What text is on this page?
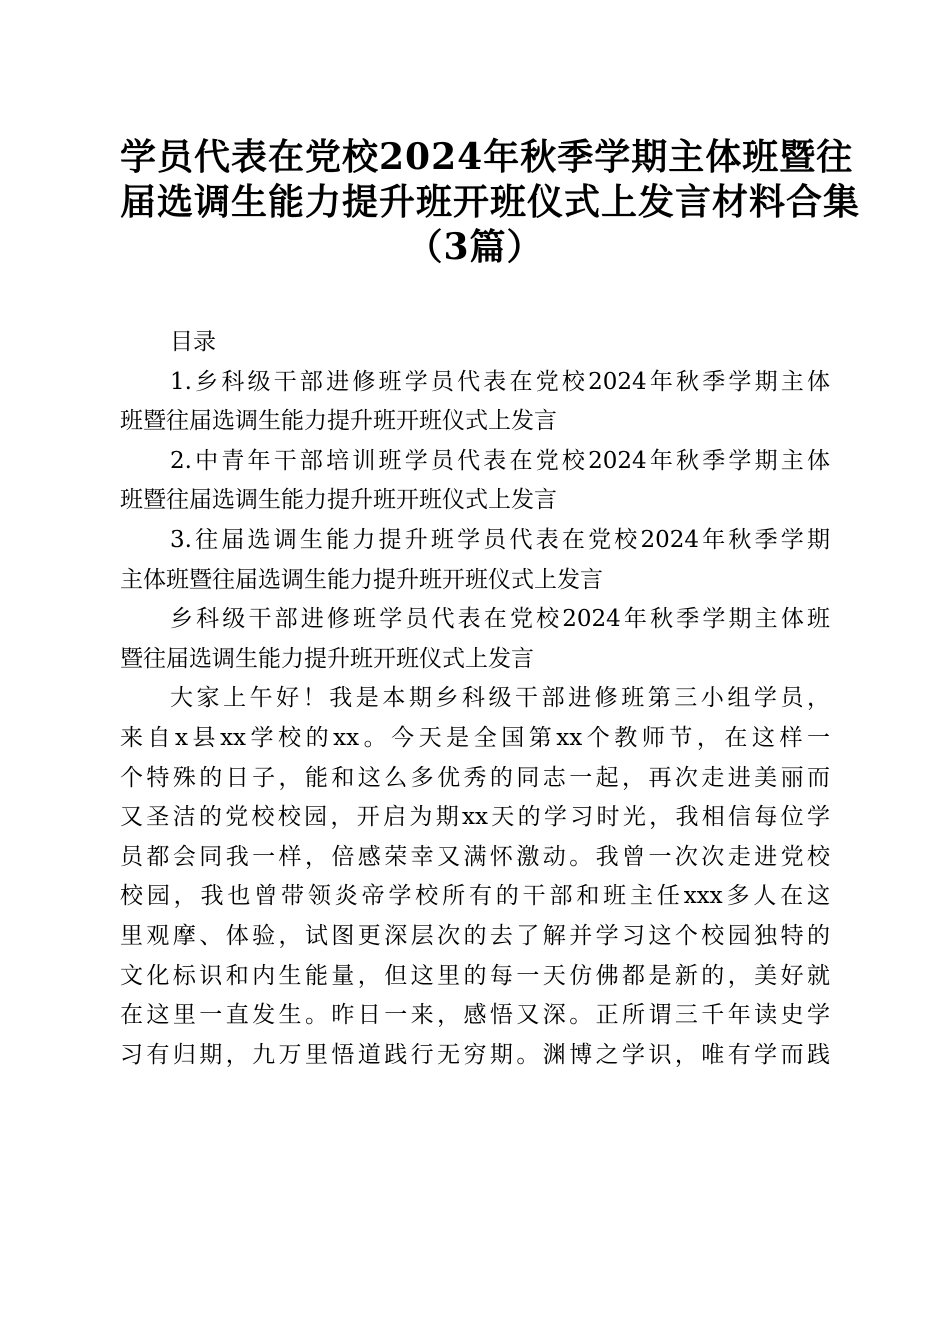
学员代表在党校2024年秋季学期主体班暨往
届选调生能力提升班开班仪式上发言材料合集
（3篇）
目录
1.乡科级干部进修班学员代表在党校2024年秋季学期主体
班暨往届选调生能力提升班开班仪式上发言
2.中青年干部培训班学员代表在党校2024年秋季学期主体
班暨往届选调生能力提升班开班仪式上发言
3.往届选调生能力提升班学员代表在党校2024年秋季学期
主体班暨往届选调生能力提升班开班仪式上发言
乡科级干部进修班学员代表在党校2024年秋季学期主体班
暨往届选调生能力提升班开班仪式上发言
大家上午好！我是本期乡科级干部进修班第三小组学员，
来自x县xx学校的xx。今天是全国第xx个教师节，在这样一
个特殊的日子，能和这么多优秀的同志一起，再次走进美丽而
又圣洁的党校校园，开启为期xx天的学习时光，我相信每位学
员都会同我一样，倍感荣幸又满怀激动。我曾一次次走进党校
校园，我也曾带领炎帝学校所有的干部和班主任xxx多人在这
里观摩、体验，试图更深层次的去了解并学习这个校园独特的
文化标识和内生能量，但这里的每一天仿佛都是新的，美好就
在这里一直发生。昨日一来，感悟又深。正所谓三千年读史学
习有归期，九万里悟道践行无穷期。渊博之学识，唯有学而践
